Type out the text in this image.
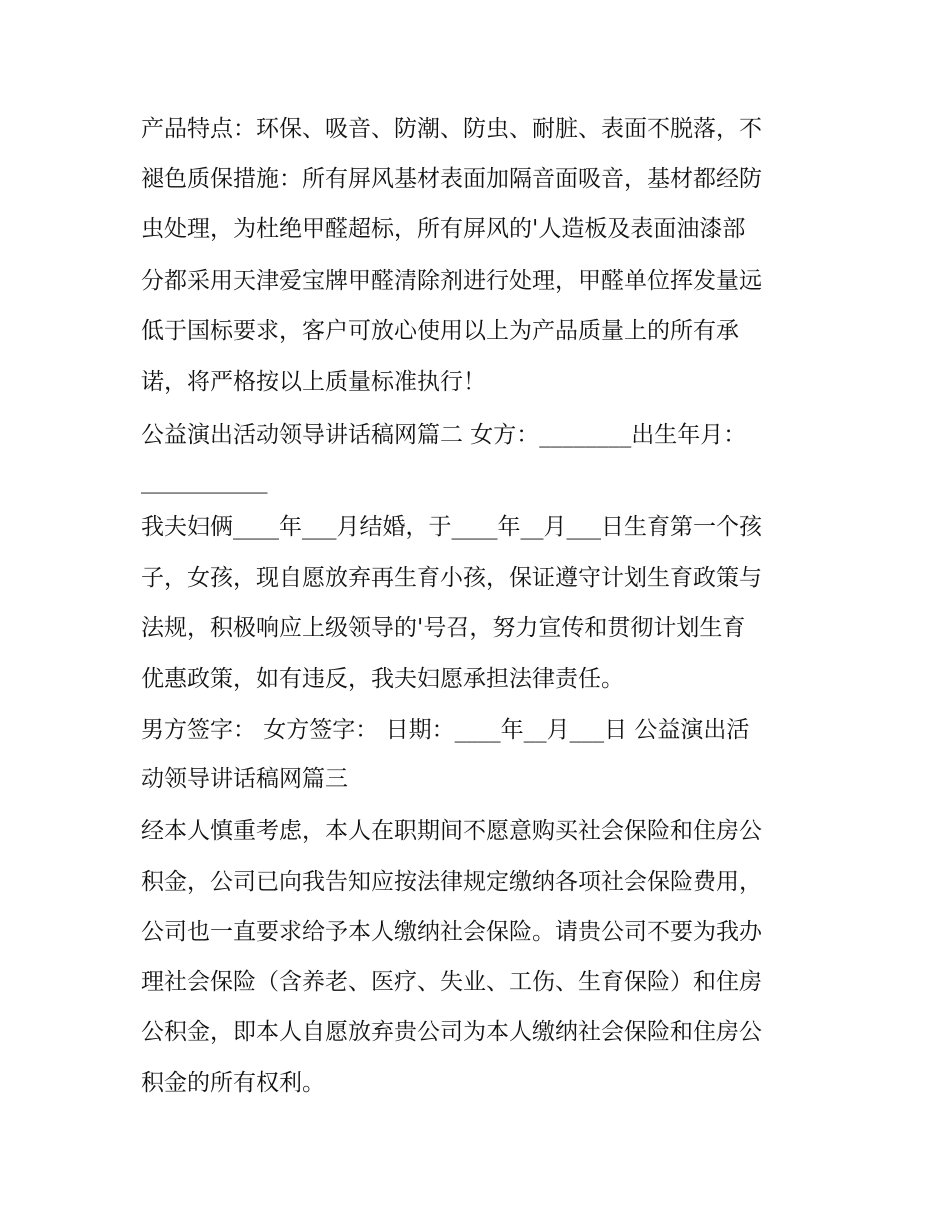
产品特点：环保、吸音、防潮、防虫、耐脏、表面不脱落，不
褪色质保措施：所有屏风基材表面加隔音面吸音，基材都经防
虫处理，为杜绝甲醛超标，所有屏风的'人造板及表面油漆部
分都采用天津爱宝牌甲醛清除剂进行处理，甲醛单位挥发量远
低于国标要求，客户可放心使用以上为产品质量上的所有承
诺，将严格按以上质量标准执行！
公益演出活动领导讲话稿网篇二 女方：________出生年月：
___________
我夫妇俩____年___月结婚，于____年__月___日生育第一个孩
子，女孩，现自愿放弃再生育小孩，保证遵守计划生育政策与
法规，积极响应上级领导的'号召，努力宣传和贯彻计划生育
优惠政策，如有违反，我夫妇愿承担法律责任。
男方签字： 女方签字： 日期：____年__月___日 公益演出活
动领导讲话稿网篇三
经本人慎重考虑，本人在职期间不愿意购买社会保险和住房公
积金，公司已向我告知应按法律规定缴纳各项社会保险费用，
公司也一直要求给予本人缴纳社会保险。请贵公司不要为我办
理社会保险（含养老、医疗、失业、工伤、生育保险）和住房
公积金，即本人自愿放弃贵公司为本人缴纳社会保险和住房公
积金的所有权利。
